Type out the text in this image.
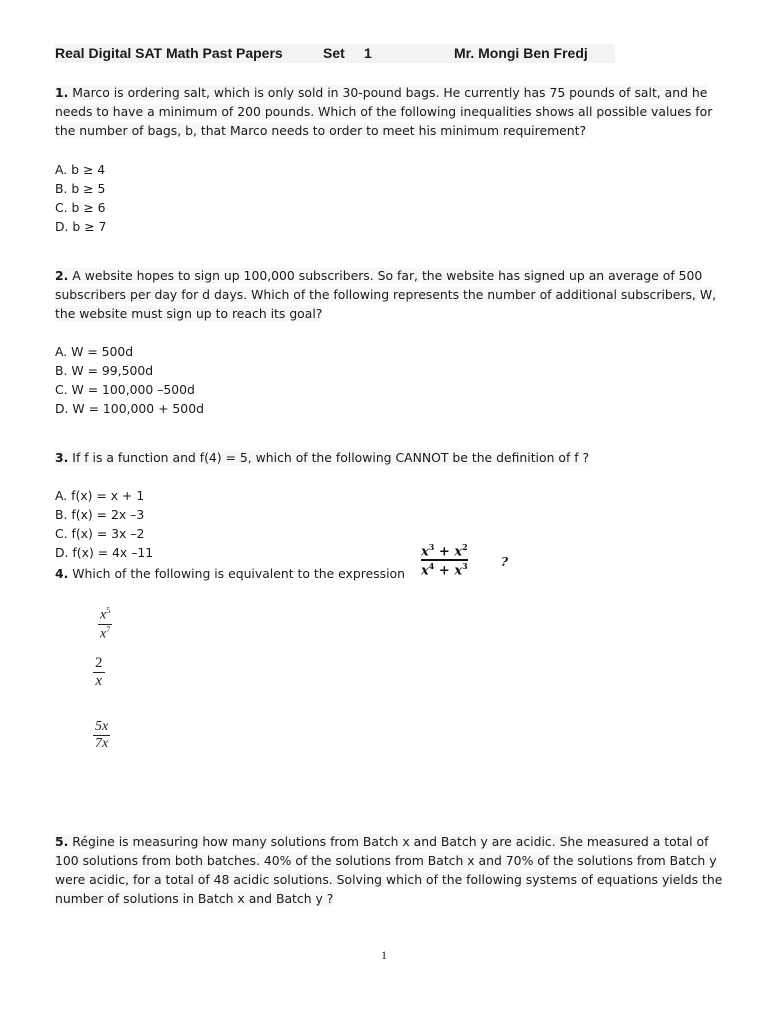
Real Digital SAT Math Past Papers	Set 1	Mr. Mongi Ben Fredj
1. Marco is ordering salt, which is only sold in 30-pound bags. He currently has 75 pounds of salt, and he needs to have a minimum of 200 pounds. Which of the following inequalities shows all possible values for the number of bags, b, that Marco needs to order to meet his minimum requirement?
A. b ≥ 4
B. b ≥ 5
C. b ≥ 6
D. b ≥ 7
2. A website hopes to sign up 100,000 subscribers. So far, the website has signed up an average of 500 subscribers per day for d days. Which of the following represents the number of additional subscribers, W, the website must sign up to reach its goal?
A. W = 500d
B. W = 99,500d
C. W = 100,000 –500d
D. W = 100,000 + 500d
3. If f is a function and f(4) = 5, which of the following CANNOT be the definition of f ?
A. f(x) = x + 1
B. f(x) = 2x –3
C. f(x) = 3x –2
D. f(x) = 4x –11
4. Which of the following is equivalent to the expression
$x^3 + x^2$
$x^4 + x^3$	?
$x^5$
$x^7$
2
x
5x
7x
5. Régine is measuring how many solutions from Batch x and Batch y are acidic. She measured a total of 100 solutions from both batches. 40% of the solutions from Batch x and 70% of the solutions from Batch y were acidic, for a total of 48 acidic solutions. Solving which of the following systems of equations yields the number of solutions in Batch x and Batch y ?
1
